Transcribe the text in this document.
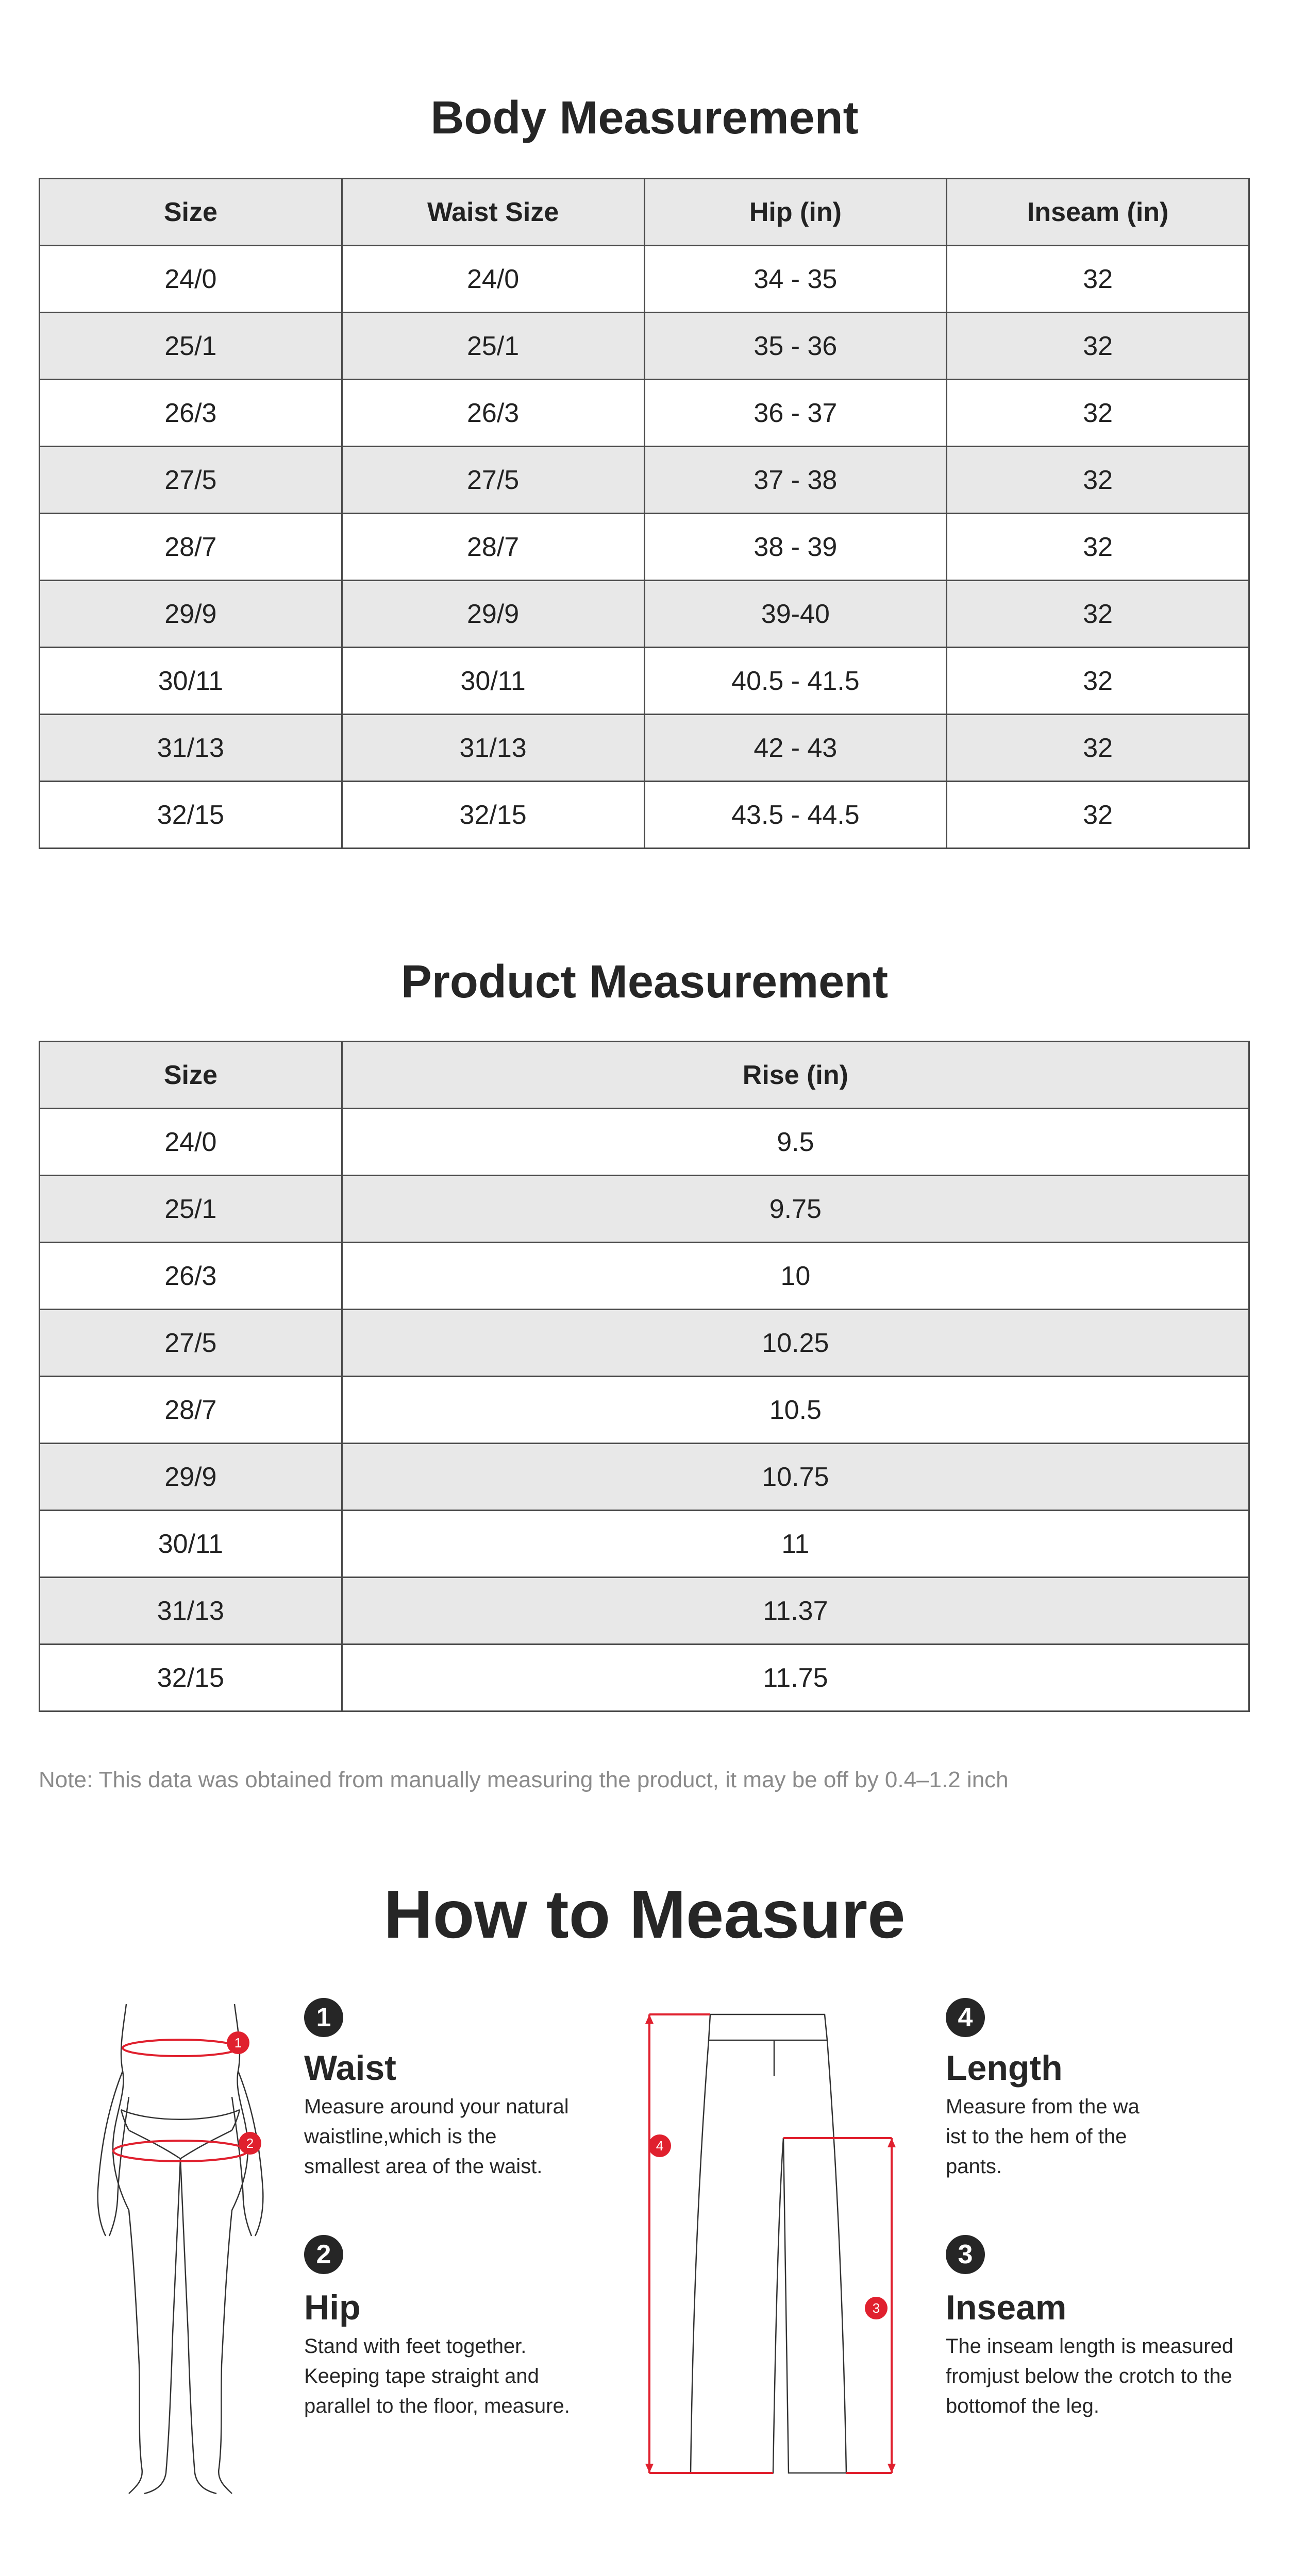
Body Measurement
Size	Waist Size	Hip (in)	Inseam (in)
24/0	24/0	34 - 35	32
25/1	25/1	35 - 36	32
26/3	26/3	36 - 37	32
27/5	27/5	37 - 38	32
28/7	28/7	38 - 39	32
29/9	29/9	39-40	32
30/11	30/11	40.5 - 41.5	32
31/13	31/13	42 - 43	32
32/15	32/15	43.5 - 44.5	32
Product Measurement
Size	Rise (in)
24/0	9.5
25/1	9.75
26/3	10
27/5	10.25
28/7	10.5
29/9	10.75
30/11	11
31/13	11.37
32/15	11.75
Note: This data was obtained from manually measuring the product, it may be off by 0.4–1.2 inch
How to Measure
1
2	4
3
1
Waist
Measure around your natural waistline,which is the smallest area of the waist.
2
Hip
Stand with feet together. Keeping tape straight and parallel to the floor, measure.
4
Length
Measure from the wa ist to the hem of the pants.
3
Inseam
The inseam length is measured fromjust below the crotch to the bottomof the leg.
